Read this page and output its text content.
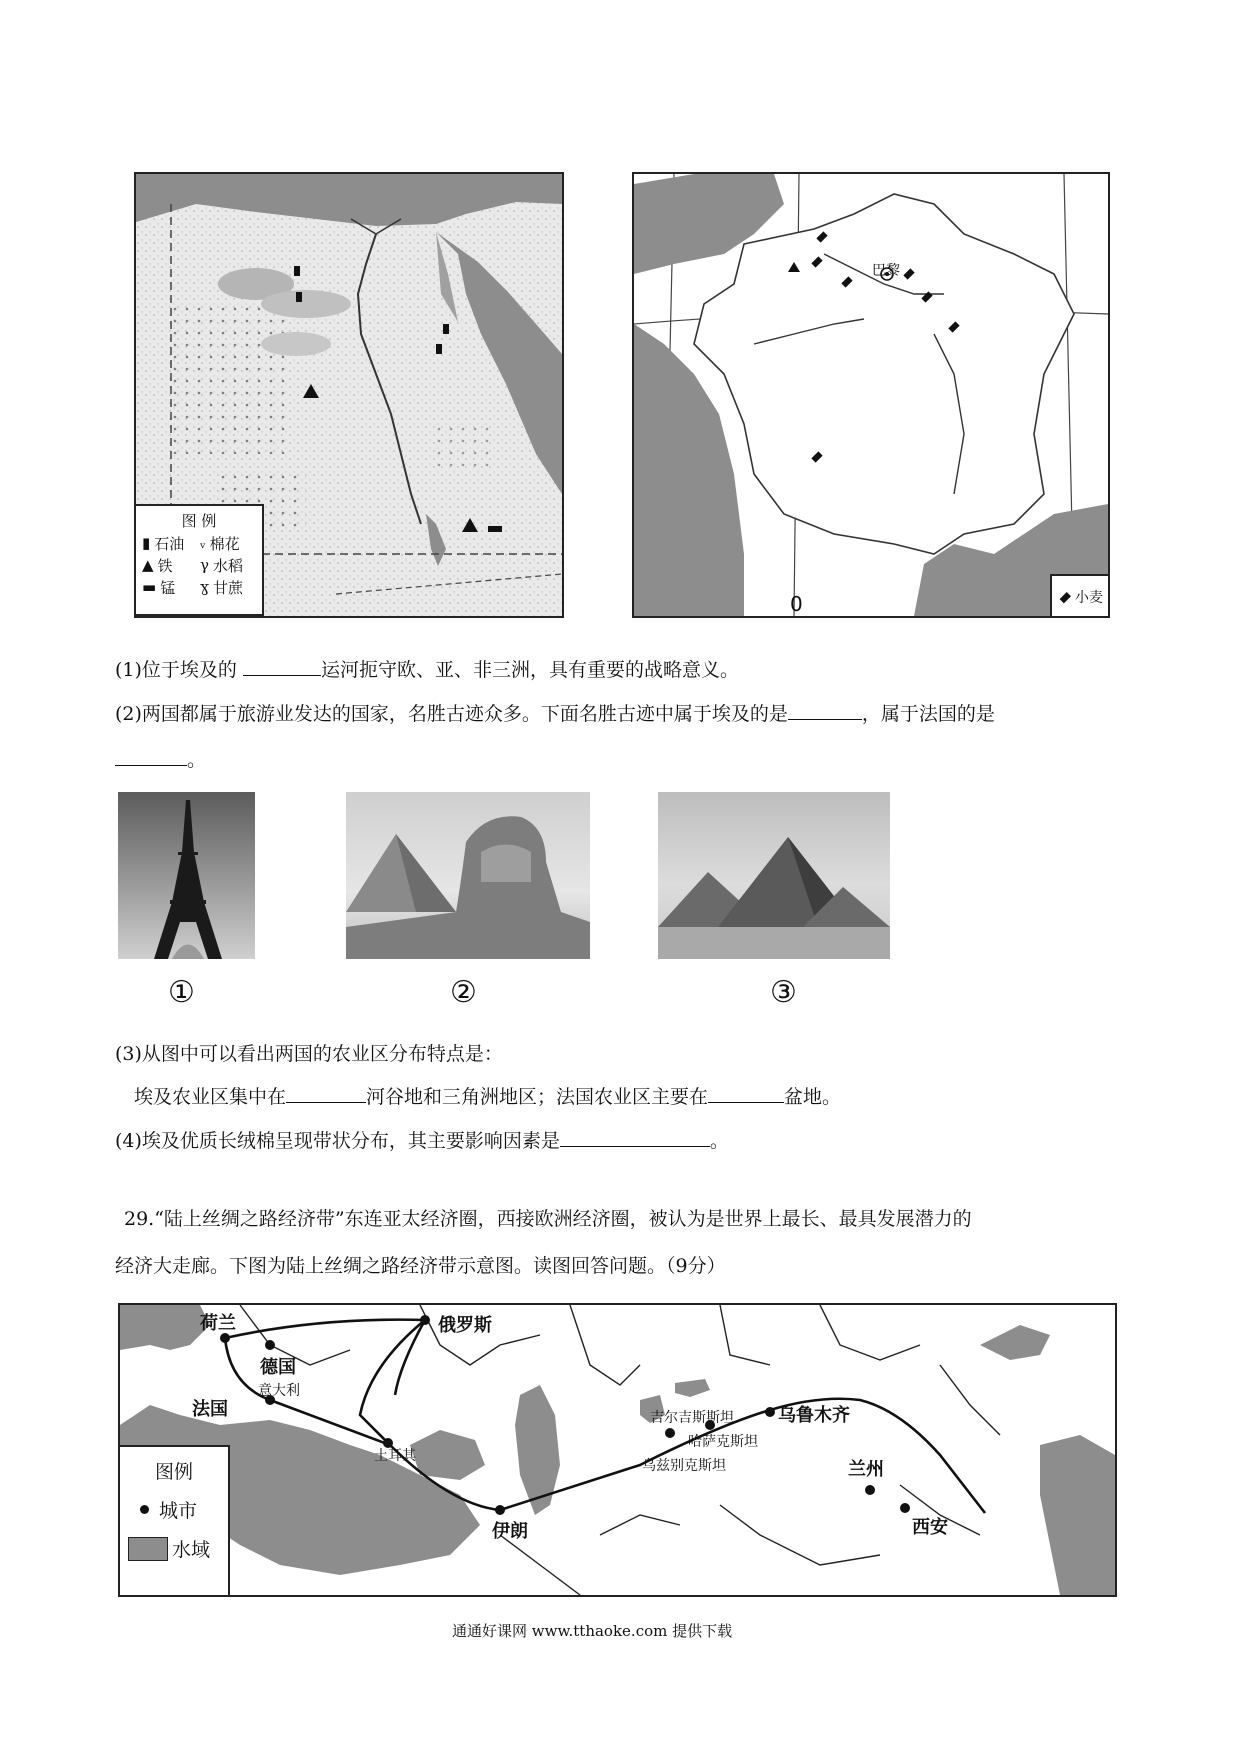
图 例
▮ 石油 ᵥ 棉花
▲ 铁 γ 水稻
▬ 锰 ɣ 甘蔗
巴黎
0	小麦
(1)位于埃及的	运河扼守欧、亚、非三洲，具有重要的战略意义。
(2)两国都属于旅游业发达的国家，名胜古迹众多。下面名胜古迹中属于埃及的是	，属于法国的是
。
①	②	③
(3)从图中可以看出两国的农业区分布特点是：
埃及农业区集中在	河谷地和三角洲地区；法国农业区主要在	盆地。
(4)埃及优质长绒棉呈现带状分布，其主要影响因素是	。
29.“陆上丝绸之路经济带”东连亚太经济圈，西接欧洲经济圈，被认为是世界上最长、最具发展潜力的
经济大走廊。下图为陆上丝绸之路经济带示意图。读图回答问题。（9分）
荷兰	俄罗斯
德国
意大利
法国
土耳其
伊朗
吉尔吉斯斯坦
哈萨克斯坦
乌兹别克斯坦
乌鲁木齐
兰州
西安
图例
城市
水域
通通好课网 www.tthaoke.com 提供下载
